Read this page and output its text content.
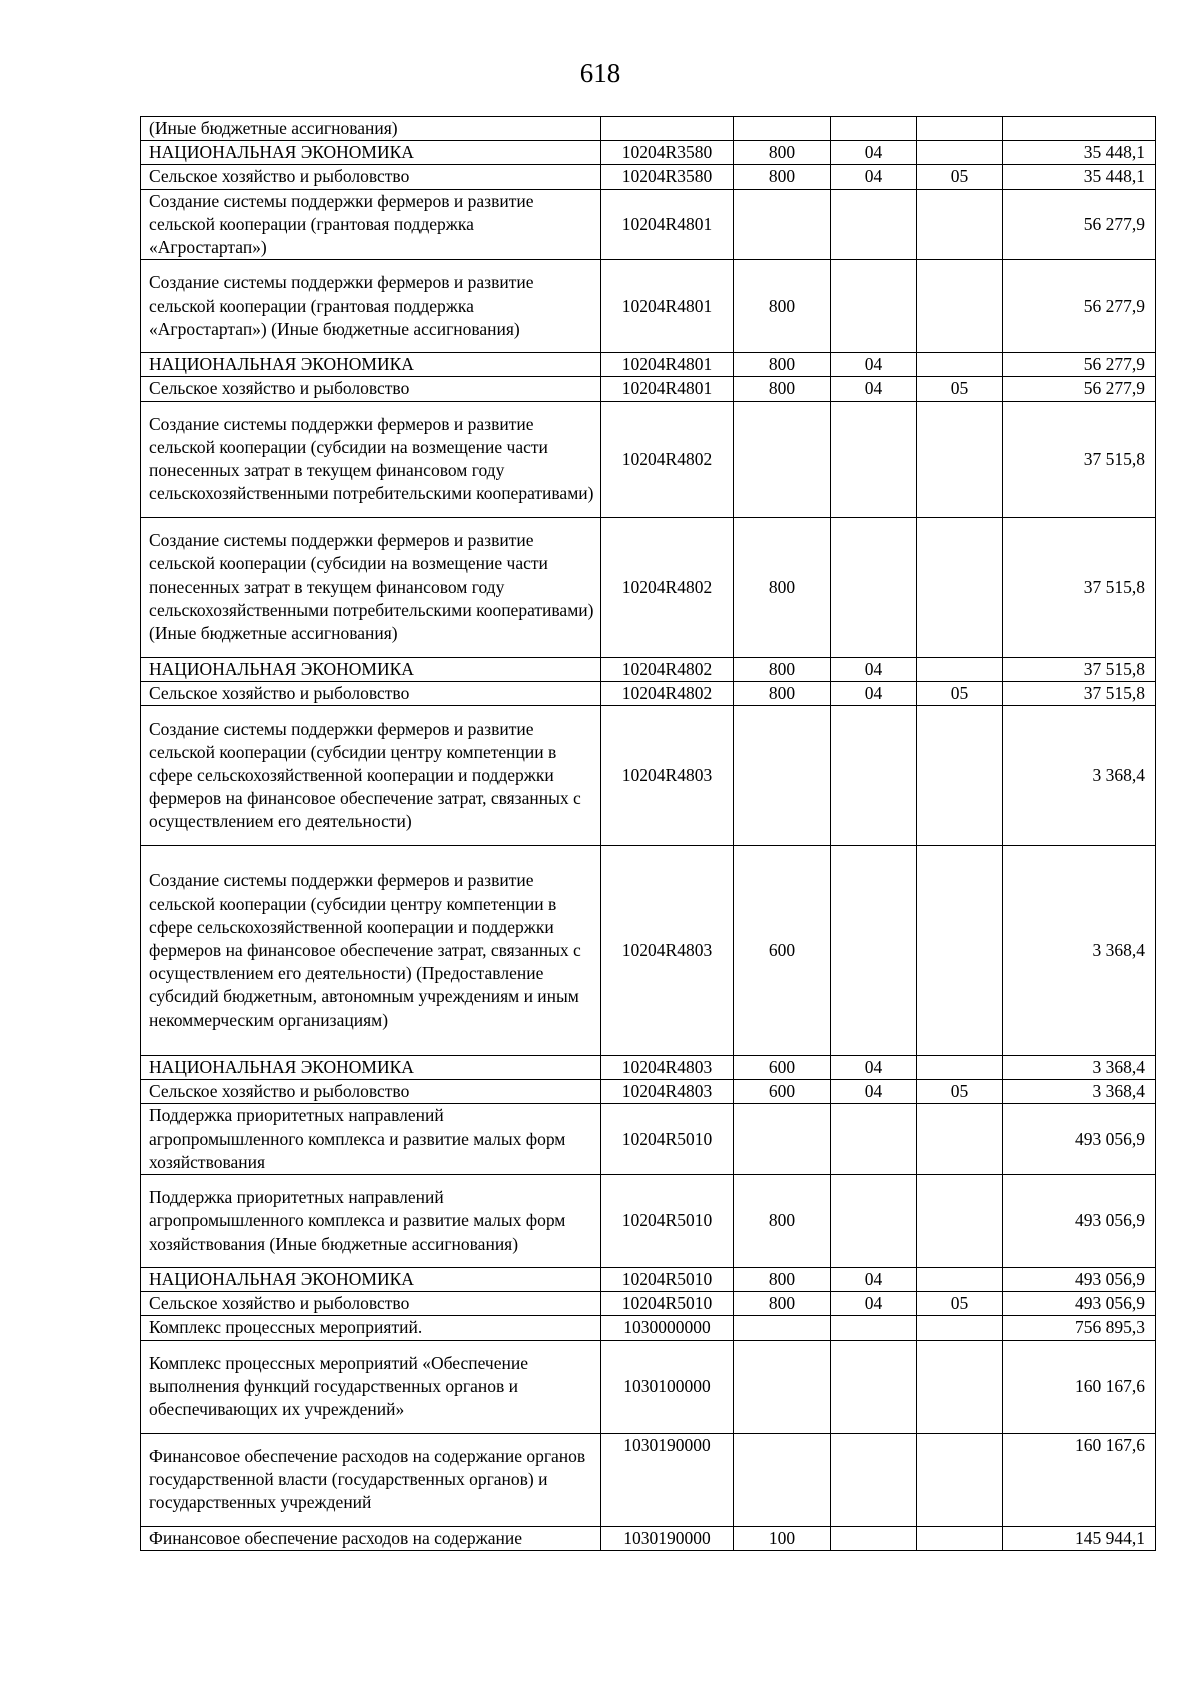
618
(Иные бюджетные ассигнования)					
НАЦИОНАЛЬНАЯ ЭКОНОМИКА	10204R3580	800	04		35 448,1
Сельское хозяйство и рыболовство	10204R3580	800	04	05	35 448,1
Создание системы поддержки фермеров и развитие сельской кооперации (грантовая поддержка «Агростартап»)	10204R4801				56 277,9
Создание системы поддержки фермеров и развитие сельской кооперации (грантовая поддержка «Агростартап») (Иные бюджетные ассигнования)	10204R4801	800			56 277,9
НАЦИОНАЛЬНАЯ ЭКОНОМИКА	10204R4801	800	04		56 277,9
Сельское хозяйство и рыболовство	10204R4801	800	04	05	56 277,9
Создание системы поддержки фермеров и развитие сельской кооперации (субсидии на возмещение части понесенных затрат в текущем финансовом году сельскохозяйственными потребительскими кооперативами)	10204R4802				37 515,8
Создание системы поддержки фермеров и развитие сельской кооперации (субсидии на возмещение части понесенных затрат в текущем финансовом году сельскохозяйственными потребительскими кооперативами) (Иные бюджетные ассигнования)	10204R4802	800			37 515,8
НАЦИОНАЛЬНАЯ ЭКОНОМИКА	10204R4802	800	04		37 515,8
Сельское хозяйство и рыболовство	10204R4802	800	04	05	37 515,8
Создание системы поддержки фермеров и развитие сельской кооперации (субсидии центру компетенции в сфере сельскохозяйственной кооперации и поддержки фермеров на финансовое обеспечение затрат, связанных с осуществлением его деятельности)	10204R4803				3 368,4
Создание системы поддержки фермеров и развитие сельской кооперации (субсидии центру компетенции в сфере сельскохозяйственной кооперации и поддержки фермеров на финансовое обеспечение затрат, связанных с осуществлением его деятельности) (Предоставление субсидий бюджетным, автономным учреждениям и иным некоммерческим организациям)	10204R4803	600			3 368,4
НАЦИОНАЛЬНАЯ ЭКОНОМИКА	10204R4803	600	04		3 368,4
Сельское хозяйство и рыболовство	10204R4803	600	04	05	3 368,4
Поддержка приоритетных направлений агропромышленного комплекса и развитие малых форм хозяйствования	10204R5010				493 056,9
Поддержка приоритетных направлений агропромышленного комплекса и развитие малых форм хозяйствования (Иные бюджетные ассигнования)	10204R5010	800			493 056,9
НАЦИОНАЛЬНАЯ ЭКОНОМИКА	10204R5010	800	04		493 056,9
Сельское хозяйство и рыболовство	10204R5010	800	04	05	493 056,9
Комплекс процессных мероприятий.	1030000000				756 895,3
Комплекс процессных мероприятий «Обеспечение выполнения функций государственных органов и обеспечивающих их учреждений»	1030100000				160 167,6
Финансовое обеспечение расходов на содержание органов государственной власти (государственных органов) и государственных учреждений	1030190000				160 167,6
Финансовое обеспечение расходов на содержание	1030190000	100			145 944,1
